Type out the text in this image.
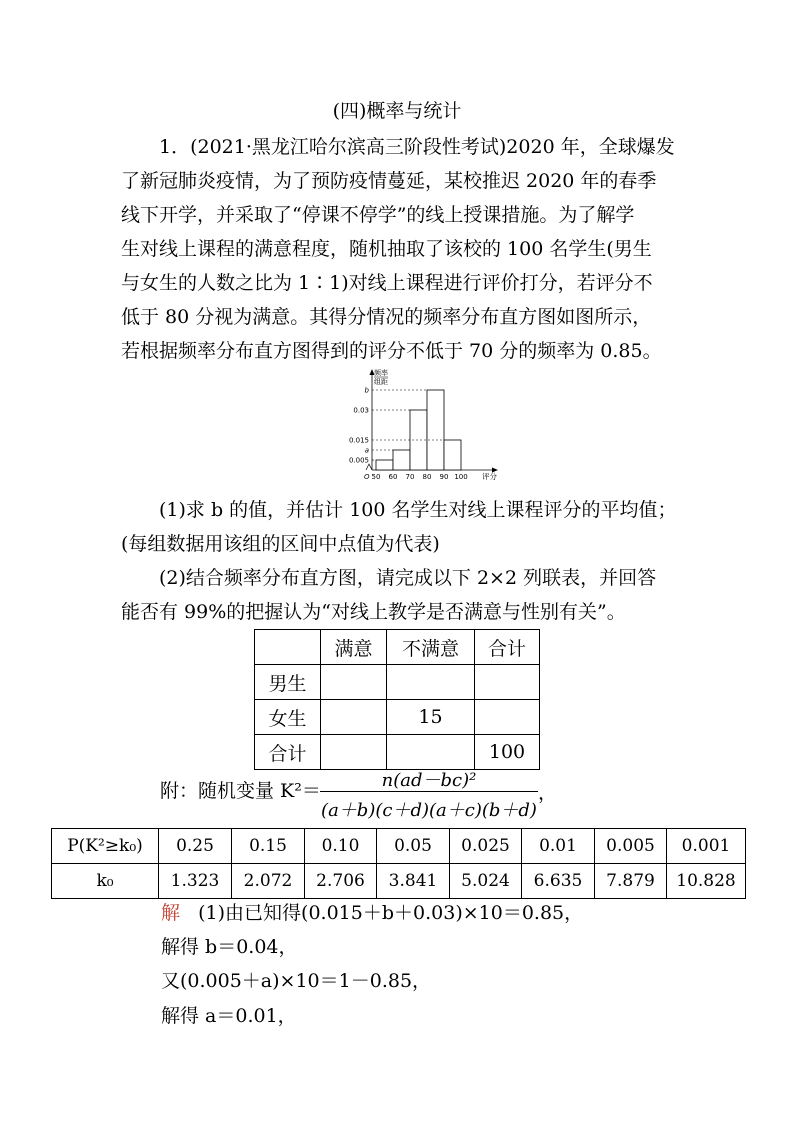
(四)概率与统计
1．(2021·黑龙江哈尔滨高三阶段性考试)2020 年，全球爆发
了新冠肺炎疫情，为了预防疫情蔓延，某校推迟 2020 年的春季
线下开学，并采取了“停课不停学”的线上授课措施。为了解学
生对线上课程的满意程度，随机抽取了该校的 100 名学生(男生
与女生的人数之比为 1∶1)对线上课程进行评价打分，若评分不
低于 80 分视为满意。其得分情况的频率分布直方图如图所示，
若根据频率分布直方图得到的评分不低于 70 分的频率为 0.85。
b
0.03
0.015
a
0.005
50 60 70 80 90 100 评分
O
频率
组距
(1)求 b 的值，并估计 100 名学生对线上课程评分的平均值；
(每组数据用该组的区间中点值为代表)
(2)结合频率分布直方图，请完成以下 2×2 列联表，并回答
能否有 99%的把握认为“对线上教学是否满意与性别有关”。
	满意	不满意	合计
男生			
女生		15	
合计			100
附：随机变量 K²＝	n(ad－bc)²
(a＋b)(c＋d)(a＋c)(b＋d)
，
P(K²≥k₀)	0.25	0.15	0.10	0.05	0.025	0.01	0.005	0.001
k₀	1.323	2.072	2.706	3.841	5.024	6.635	7.879	10.828
解 (1)由已知得(0.015＋b＋0.03)×10＝0.85，
解得 b＝0.04，
又(0.005＋a)×10＝1－0.85，
解得 a＝0.01，
